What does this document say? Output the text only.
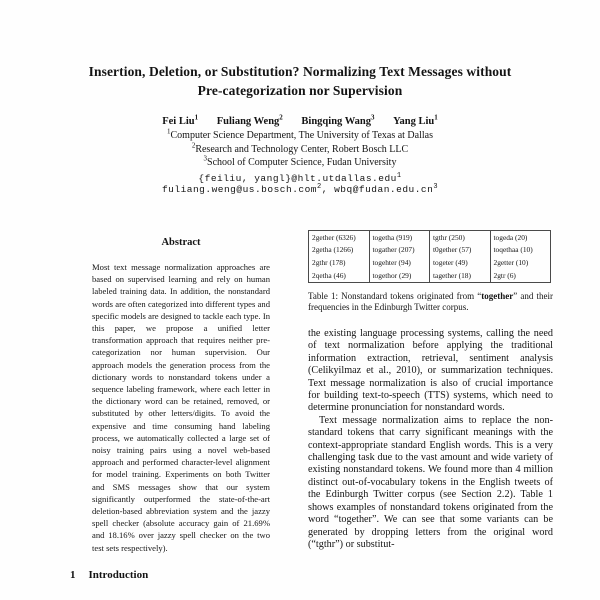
Insertion, Deletion, or Substitution? Normalizing Text Messages without
Pre-categorization nor Supervision
Fei Liu$^1$ Fuliang Weng$^2$ Bingqing Wang$^3$ Yang Liu$^1$
$^1$Computer Science Department, The University of Texas at Dallas
$^2$Research and Technology Center, Robert Bosch LLC
$^3$School of Computer Science, Fudan University
{feiliu, yangl}@hlt.utdallas.edu$^1$
fuliang.weng@us.bosch.com$^2$, $wbq@fudan.edu.cn^3$
Abstract

Most text message normalization approaches are based on supervised learning and rely on human labeled training data. In addition, the nonstandard words are often categorized into different types and specific models are designed to tackle each type. In this paper, we propose a unified letter transformation approach that requires neither pre-categorization nor human supervision. Our approach models the generation process from the dictionary words to nonstandard tokens under a sequence labeling framework, where each letter in the dictionary word can be retained, removed, or substituted by other letters/digits. To avoid the expensive and time consuming hand labeling process, we automatically collected a large set of noisy training pairs using a novel web-based approach and performed character-level alignment for model training. Experiments on both Twitter and SMS messages show that our system significantly outperformed the state-of-the-art deletion-based abbreviation system and the jazzy spell checker (absolute accuracy gain of 21.69% and 18.16% over jazzy spell checker on the two test sets respectively).

1 Introduction
2gether (6326)	togetha (919)	tgthr (250)	togeda (20)
2getha (1266)	togather (207)	t0gether (57)	toqethaa (10)
2gthr (178)	togehter (94)	togeter (49)	2getter (10)
2qetha (46)	togethor (29)	tagether (18)	2gtr (6)

Table 1: Nonstandard tokens originated from “together” and their frequencies in the Edinburgh Twitter corpus.

the existing language processing systems, calling the need of text normalization before applying the traditional information extraction, retrieval, sentiment analysis (Celikyilmaz et al., 2010), or summarization techniques. Text message normalization is also of crucial importance for building text-to-speech (TTS) systems, which need to determine pronunciation for nonstandard words.

Text message normalization aims to replace the non-standard tokens that carry significant meanings with the context-appropriate standard English words. This is a very challenging task due to the vast amount and wide variety of existing nonstandard tokens. We found more than 4 million distinct out-of-vocabulary tokens in the English tweets of the Edinburgh Twitter corpus (see Section 2.2). Table 1 shows examples of nonstandard tokens originated from the word “together”. We can see that some variants can be generated by dropping letters from the original word (“tgthr”) or substitut-
